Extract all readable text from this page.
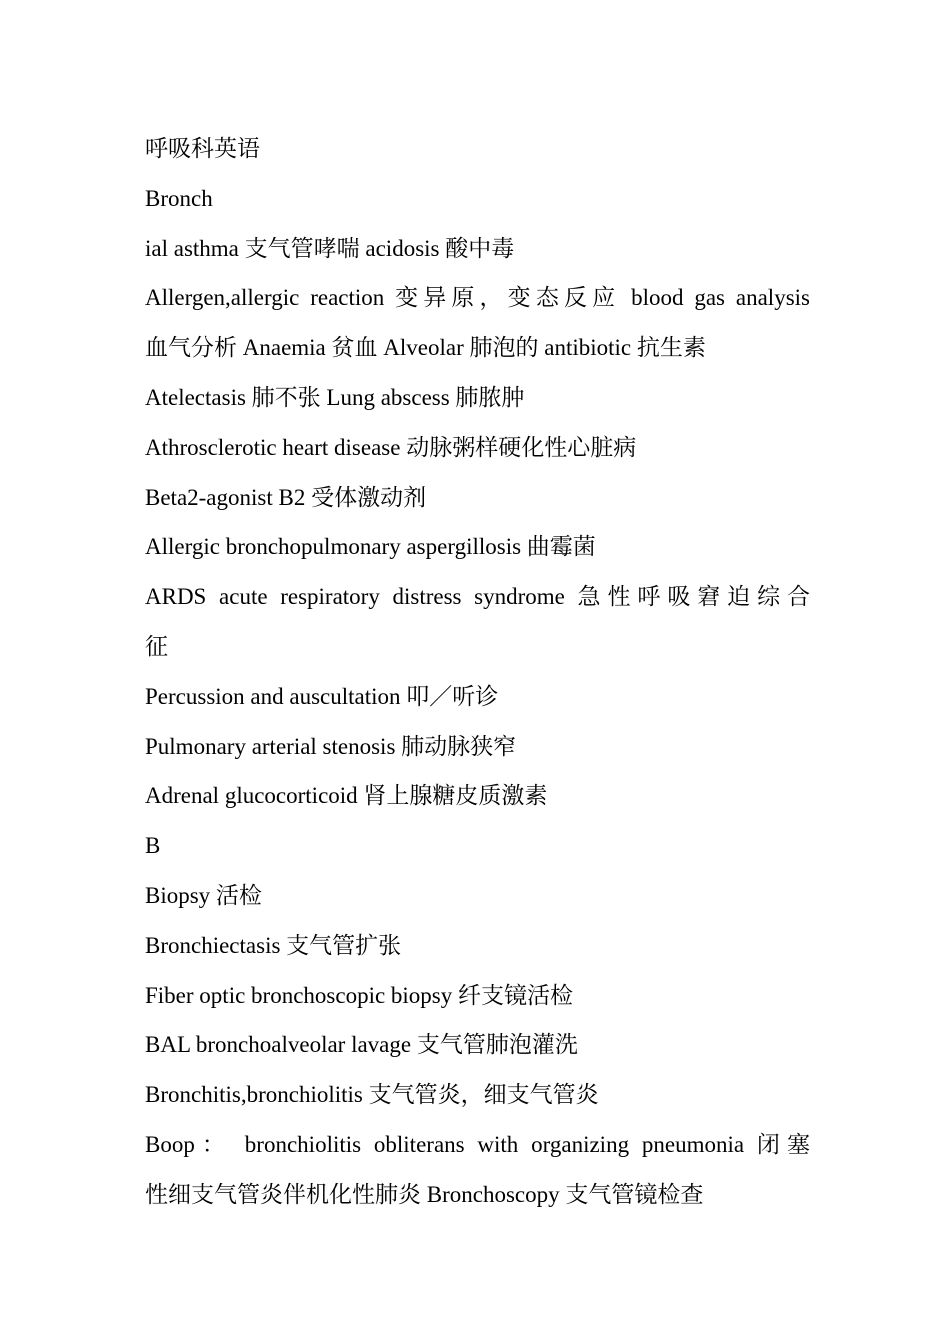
呼吸科英语
Bronch
ial asthma 支气管哮喘 acidosis 酸中毒
Allergen,allergic reaction 变异原，变态反应 blood gas analysis
血气分析 Anaemia 贫血 Alveolar 肺泡的 antibiotic 抗生素
Atelectasis 肺不张 Lung abscess 肺脓肿
Athrosclerotic heart disease 动脉粥样硬化性心脏病
Beta2-agonist B2 受体激动剂
Allergic bronchopulmonary aspergillosis 曲霉菌
ARDS acute respiratory distress syndrome 急性呼吸窘迫综合
征
Percussion and auscultation 叩／听诊
Pulmonary arterial stenosis 肺动脉狭窄
Adrenal glucocorticoid 肾上腺糖皮质激素
B
Biopsy 活检
Bronchiectasis 支气管扩张
Fiber optic bronchoscopic biopsy 纤支镜活检
BAL bronchoalveolar lavage 支气管肺泡灌洗
Bronchitis,bronchiolitis 支气管炎，细支气管炎
Boop： bronchiolitis obliterans with organizing pneumonia 闭塞
性细支气管炎伴机化性肺炎 Bronchoscopy 支气管镜检查
